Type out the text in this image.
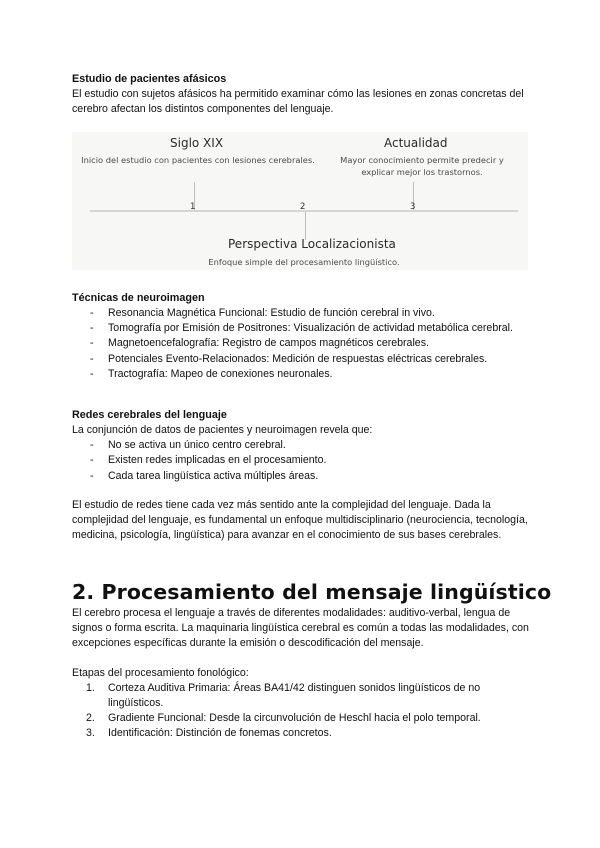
Estudio de pacientes afásicos
El estudio con sujetos afásicos ha permitido examinar cómo las lesiones en zonas concretas del cerebro afectan los distintos componentes del lenguaje.
Siglo XIX
Inicio del estudio con pacientes con lesiones cerebrales.
Actualidad
Mayor conocimiento permite predecir y explicar mejor los trastornos.
1	2	3
Perspectiva Localizacionista
Enfoque simple del procesamiento lingüístico.
Técnicas de neuroimagen
- Resonancia Magnética Funcional: Estudio de función cerebral in vivo.
- Tomografía por Emisión de Positrones: Visualización de actividad metabólica cerebral.
- Magnetoencefalografía: Registro de campos magnéticos cerebrales.
- Potenciales Evento-Relacionados: Medición de respuestas eléctricas cerebrales.
- Tractografía: Mapeo de conexiones neuronales.
Redes cerebrales del lenguaje
La conjunción de datos de pacientes y neuroimagen revela que:
- No se activa un único centro cerebral.
- Existen redes implicadas en el procesamiento.
- Cada tarea lingüística activa múltiples áreas.
El estudio de redes tiene cada vez más sentido ante la complejidad del lenguaje. Dada la complejidad del lenguaje, es fundamental un enfoque multidisciplinario (neurociencia, tecnología, medicina, psicología, lingüística) para avanzar en el conocimiento de sus bases cerebrales.
2. Procesamiento del mensaje lingüístico
El cerebro procesa el lenguaje a través de diferentes modalidades: auditivo-verbal, lengua de signos o forma escrita. La maquinaria lingüística cerebral es común a todas las modalidades, con excepciones específicas durante la emisión o descodificación del mensaje.
Etapas del procesamiento fonológico:
1. Corteza Auditiva Primaria: Áreas BA41/42 distinguen sonidos lingüísticos de no lingüísticos.
2. Gradiente Funcional: Desde la circunvolución de Heschl hacia el polo temporal.
3. Identificación: Distinción de fonemas concretos.
